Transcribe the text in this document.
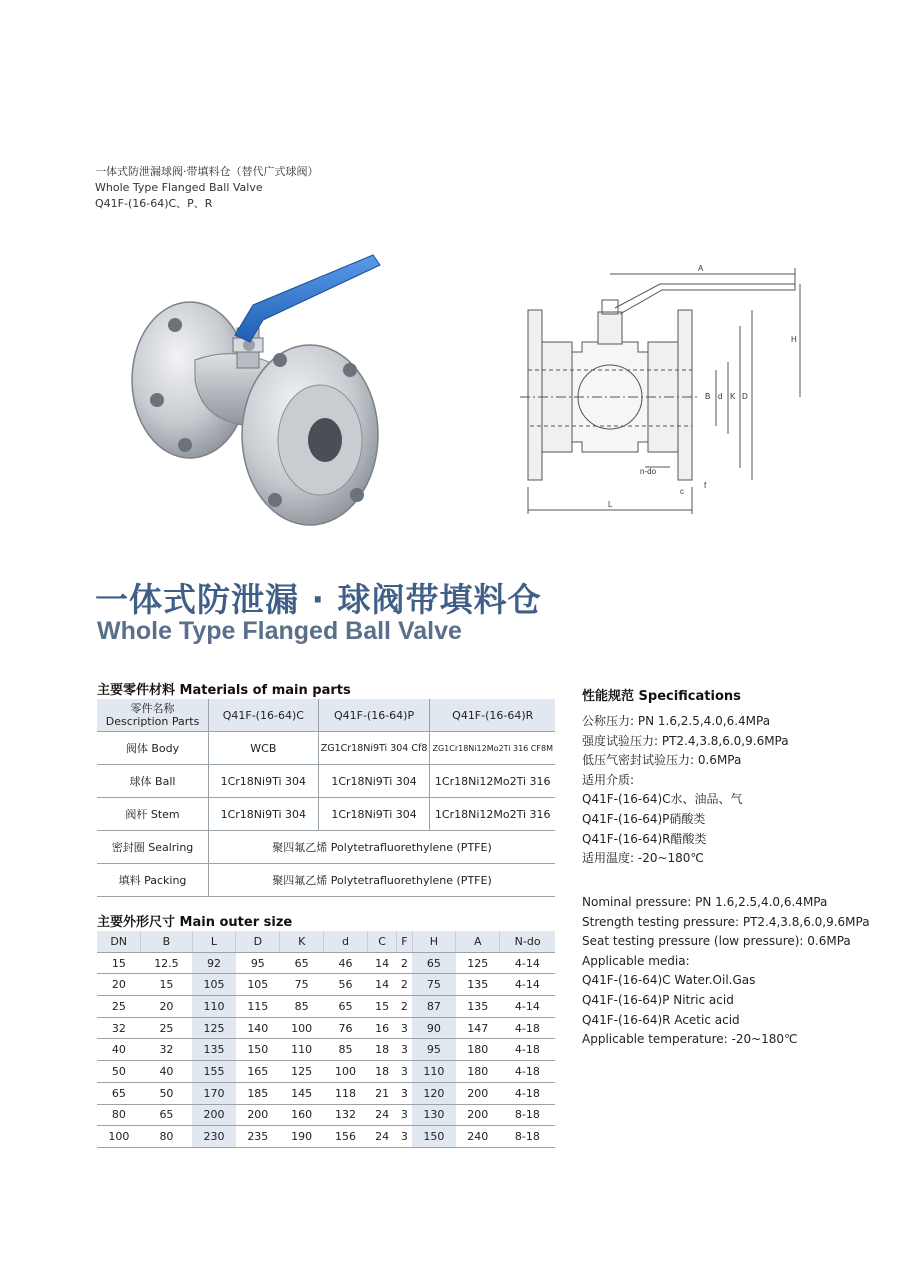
一体式防泄漏球阀·带填料仓（替代广式球阀）
Whole Type Flanged Ball Valve
Q41F-(16-64)C、P、R
A
H
B d K D
n-do
c
f
L
一体式防泄漏 · 球阀带填料仓
Whole Type Flanged Ball Valve
主要零件材料 Materials of main parts
零件名称
Description Parts	Q41F-(16-64)C	Q41F-(16-64)P	Q41F-(16-64)R
阀体 Body	WCB	ZG1Cr18Ni9Ti 304 Cf8	ZG1Cr18Ni12Mo2Ti 316 CF8M
球体 Ball	1Cr18Ni9Ti 304	1Cr18Ni9Ti 304	1Cr18Ni12Mo2Ti 316
阀杆 Stem	1Cr18Ni9Ti 304	1Cr18Ni9Ti 304	1Cr18Ni12Mo2Ti 316
密封圈 Sealring	聚四氟乙烯 Polytetrafluorethylene (PTFE)		
填料 Packing	聚四氟乙烯 Polytetrafluorethylene (PTFE)		
主要外形尺寸 Main outer size
DN	B	L	D	K	d	C	F	H	A	N-do
15	12.5	92	95	65	46	14	2	65	125	4-14
20	15	105	105	75	56	14	2	75	135	4-14
25	20	110	115	85	65	15	2	87	135	4-14
32	25	125	140	100	76	16	3	90	147	4-18
40	32	135	150	110	85	18	3	95	180	4-18
50	40	155	165	125	100	18	3	110	180	4-18
65	50	170	185	145	118	21	3	120	200	4-18
80	65	200	200	160	132	24	3	130	200	8-18
100	80	230	235	190	156	24	3	150	240	8-18
性能规范 Specifications
公称压力: PN 1.6,2.5,4.0,6.4MPa
强度试验压力: PT2.4,3.8,6.0,9.6MPa
低压气密封试验压力: 0.6MPa
适用介质:
Q41F-(16-64)C水、油品、气
Q41F-(16-64)P硝酸类
Q41F-(16-64)R醋酸类
适用温度: -20~180℃
Nominal pressure: PN 1.6,2.5,4.0,6.4MPa
Strength testing pressure: PT2.4,3.8,6.0,9.6MPa
Seat testing pressure (low pressure): 0.6MPa
Applicable media:
Q41F-(16-64)C Water.Oil.Gas
Q41F-(16-64)P Nitric acid
Q41F-(16-64)R Acetic acid
Applicable temperature: -20~180℃
